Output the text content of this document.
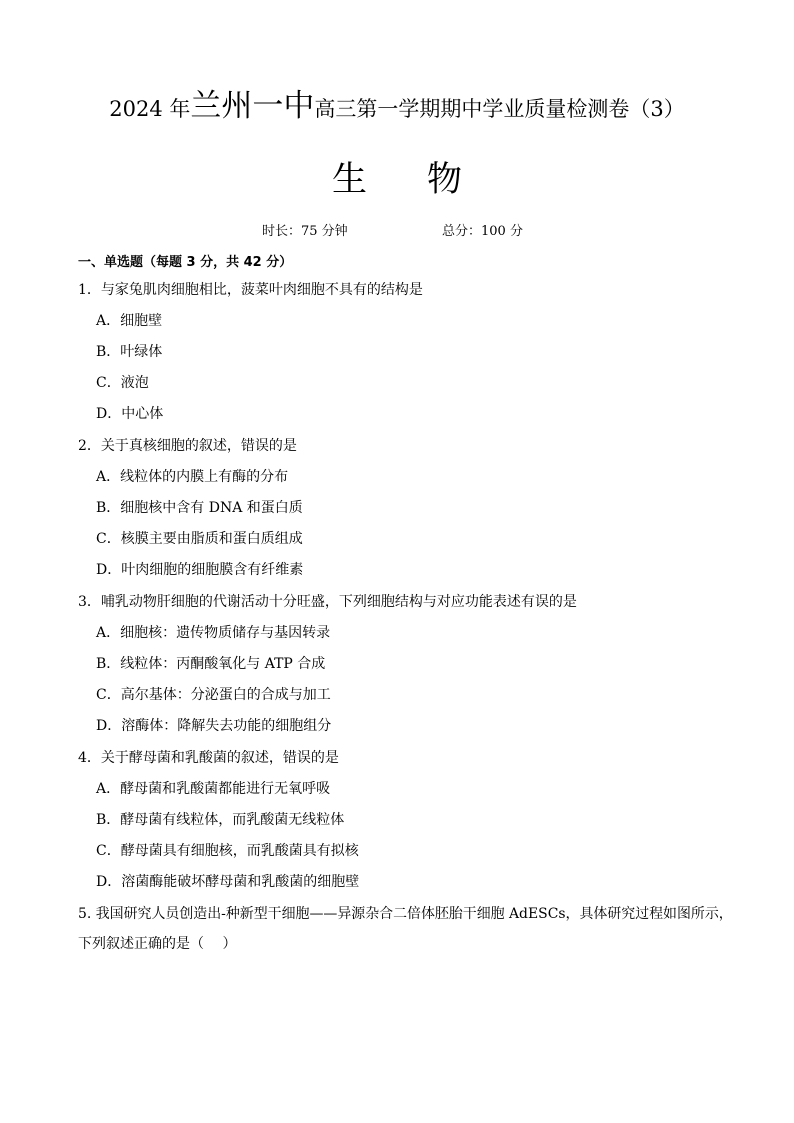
2024 年兰州一中高三第一学期期中学业质量检测卷（3）
生 物
时长：75 分钟	总分：100 分
一、单选题（每题 3 分，共 42 分）
1．与家兔肌肉细胞相比，菠菜叶肉细胞不具有的结构是
A．细胞壁
B．叶绿体
C．液泡
D．中心体
2．关于真核细胞的叙述，错误的是
A．线粒体的内膜上有酶的分布
B．细胞核中含有 DNA 和蛋白质
C．核膜主要由脂质和蛋白质组成
D．叶肉细胞的细胞膜含有纤维素
3．哺乳动物肝细胞的代谢活动十分旺盛，下列细胞结构与对应功能表述有误的是
A．细胞核：遗传物质储存与基因转录
B．线粒体：丙酮酸氧化与 ATP 合成
C．高尔基体：分泌蛋白的合成与加工
D．溶酶体：降解失去功能的细胞组分
4．关于酵母菌和乳酸菌的叙述，错误的是
A．酵母菌和乳酸菌都能进行无氧呼吸
B．酵母菌有线粒体，而乳酸菌无线粒体
C．酵母菌具有细胞核，而乳酸菌具有拟核
D．溶菌酶能破坏酵母菌和乳酸菌的细胞壁
5. 我国研究人员创造出-种新型干细胞——异源杂合二倍体胚胎干细胞 AdESCs，具体研究过程如图所示，
下列叙述正确的是（　 ）
